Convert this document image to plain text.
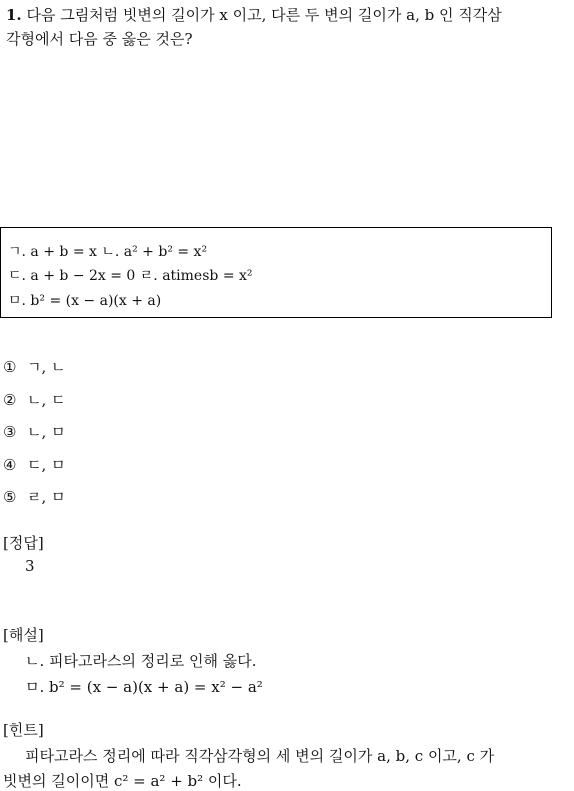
1. 다음 그림처럼 빗변의 길이가 x 이고, 다른 두 변의 길이가 a, b 인 직각삼
각형에서 다음 중 옳은 것은?
ㄱ. a + b = x ㄴ. a² + b² = x²
ㄷ. a + b − 2x = 0 ㄹ. atimesb = x²
ㅁ. b² = (x − a)(x + a)
① ㄱ, ㄴ
② ㄴ, ㄷ
③ ㄴ, ㅁ
④ ㄷ, ㅁ
⑤ ㄹ, ㅁ
[정답]
3
[해설]
ㄴ. 피타고라스의 정리로 인해 옳다.
ㅁ. b² = (x − a)(x + a) = x² − a²
[힌트]
피타고라스 정리에 따라 직각삼각형의 세 변의 길이가 a, b, c 이고, c 가
빗변의 길이이면 c² = a² + b² 이다.
